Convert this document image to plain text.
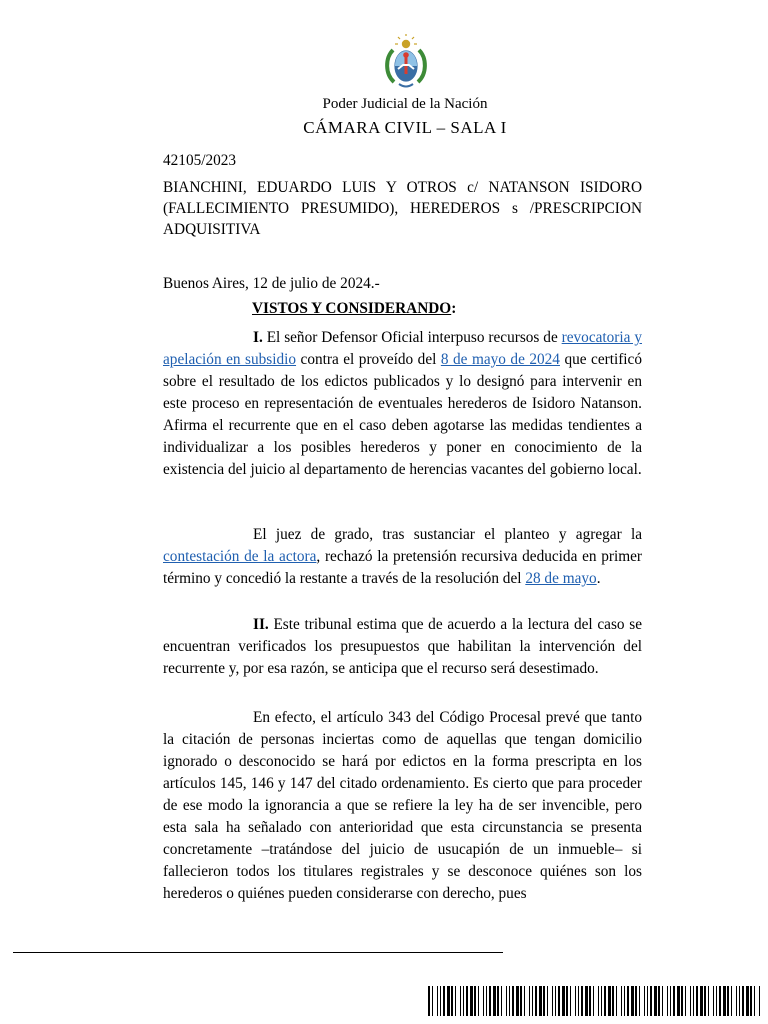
Poder Judicial de la Nación
CÁMARA CIVIL – SALA I
42105/2023
BIANCHINI, EDUARDO LUIS Y OTROS c/ NATANSON ISIDORO (FALLECIMIENTO PRESUMIDO), HEREDEROS s /PRESCRIPCION ADQUISITIVA
Buenos Aires, 12 de julio de 2024.-
VISTOS Y CONSIDERANDO:
I. El señor Defensor Oficial interpuso recursos de revocatoria y apelación en subsidio contra el proveído del 8 de mayo de 2024 que certificó sobre el resultado de los edictos publicados y lo designó para intervenir en este proceso en representación de eventuales herederos de Isidoro Natanson. Afirma el recurrente que en el caso deben agotarse las medidas tendientes a individualizar a los posibles herederos y poner en conocimiento de la existencia del juicio al departamento de herencias vacantes del gobierno local.
El juez de grado, tras sustanciar el planteo y agregar la contestación de la actora, rechazó la pretensión recursiva deducida en primer término y concedió la restante a través de la resolución del 28 de mayo.
II. Este tribunal estima que de acuerdo a la lectura del caso se encuentran verificados los presupuestos que habilitan la intervención del recurrente y, por esa razón, se anticipa que el recurso será desestimado.
En efecto, el artículo 343 del Código Procesal prevé que tanto la citación de personas inciertas como de aquellas que tengan domicilio ignorado o desconocido se hará por edictos en la forma prescripta en los artículos 145, 146 y 147 del citado ordenamiento. Es cierto que para proceder de ese modo la ignorancia a que se refiere la ley ha de ser invencible, pero esta sala ha señalado con anterioridad que esta circunstancia se presenta concretamente –tratándose del juicio de usucapión de un inmueble– si fallecieron todos los titulares registrales y se desconoce quiénes son los herederos o quiénes pueden considerarse con derecho, pues
